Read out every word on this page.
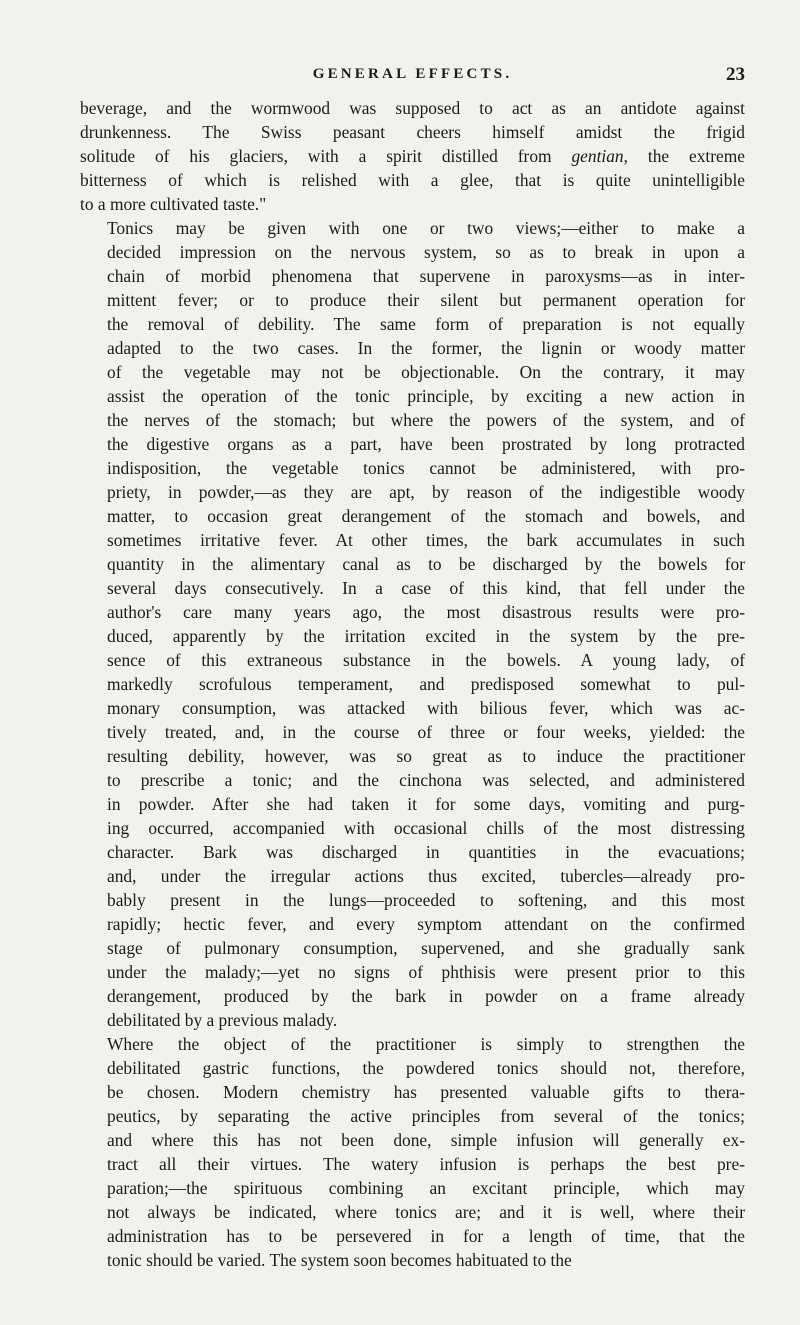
GENERAL EFFECTS.	23

beverage, and the wormwood was supposed to act as an antidote against
drunkenness. The Swiss peasant cheers himself amidst the frigid
solitude of his glaciers, with a spirit distilled from gentian, the extreme
bitterness of which is relished with a glee, that is quite unintelligible
to a more cultivated taste."

Tonics may be given with one or two views;—either to make a
decided impression on the nervous system, so as to break in upon a
chain of morbid phenomena that supervene in paroxysms—as in inter-
mittent fever; or to produce their silent but permanent operation for
the removal of debility. The same form of preparation is not equally
adapted to the two cases. In the former, the lignin or woody matter
of the vegetable may not be objectionable. On the contrary, it may
assist the operation of the tonic principle, by exciting a new action in
the nerves of the stomach; but where the powers of the system, and of
the digestive organs as a part, have been prostrated by long protracted
indisposition, the vegetable tonics cannot be administered, with pro-
priety, in powder,—as they are apt, by reason of the indigestible woody
matter, to occasion great derangement of the stomach and bowels, and
sometimes irritative fever. At other times, the bark accumulates in such
quantity in the alimentary canal as to be discharged by the bowels for
several days consecutively. In a case of this kind, that fell under the
author's care many years ago, the most disastrous results were pro-
duced, apparently by the irritation excited in the system by the pre-
sence of this extraneous substance in the bowels. A young lady, of
markedly scrofulous temperament, and predisposed somewhat to pul-
monary consumption, was attacked with bilious fever, which was ac-
tively treated, and, in the course of three or four weeks, yielded: the
resulting debility, however, was so great as to induce the practitioner
to prescribe a tonic; and the cinchona was selected, and administered
in powder. After she had taken it for some days, vomiting and purg-
ing occurred, accompanied with occasional chills of the most distressing
character. Bark was discharged in quantities in the evacuations;
and, under the irregular actions thus excited, tubercles—already pro-
bably present in the lungs—proceeded to softening, and this most
rapidly; hectic fever, and every symptom attendant on the confirmed
stage of pulmonary consumption, supervened, and she gradually sank
under the malady;—yet no signs of phthisis were present prior to this
derangement, produced by the bark in powder on a frame already
debilitated by a previous malady.

Where the object of the practitioner is simply to strengthen the
debilitated gastric functions, the powdered tonics should not, therefore,
be chosen. Modern chemistry has presented valuable gifts to thera-
peutics, by separating the active principles from several of the tonics;
and where this has not been done, simple infusion will generally ex-
tract all their virtues. The watery infusion is perhaps the best pre-
paration;—the spirituous combining an excitant principle, which may
not always be indicated, where tonics are; and it is well, where their
administration has to be persevered in for a length of time, that the
tonic should be varied. The system soon becomes habituated to the
